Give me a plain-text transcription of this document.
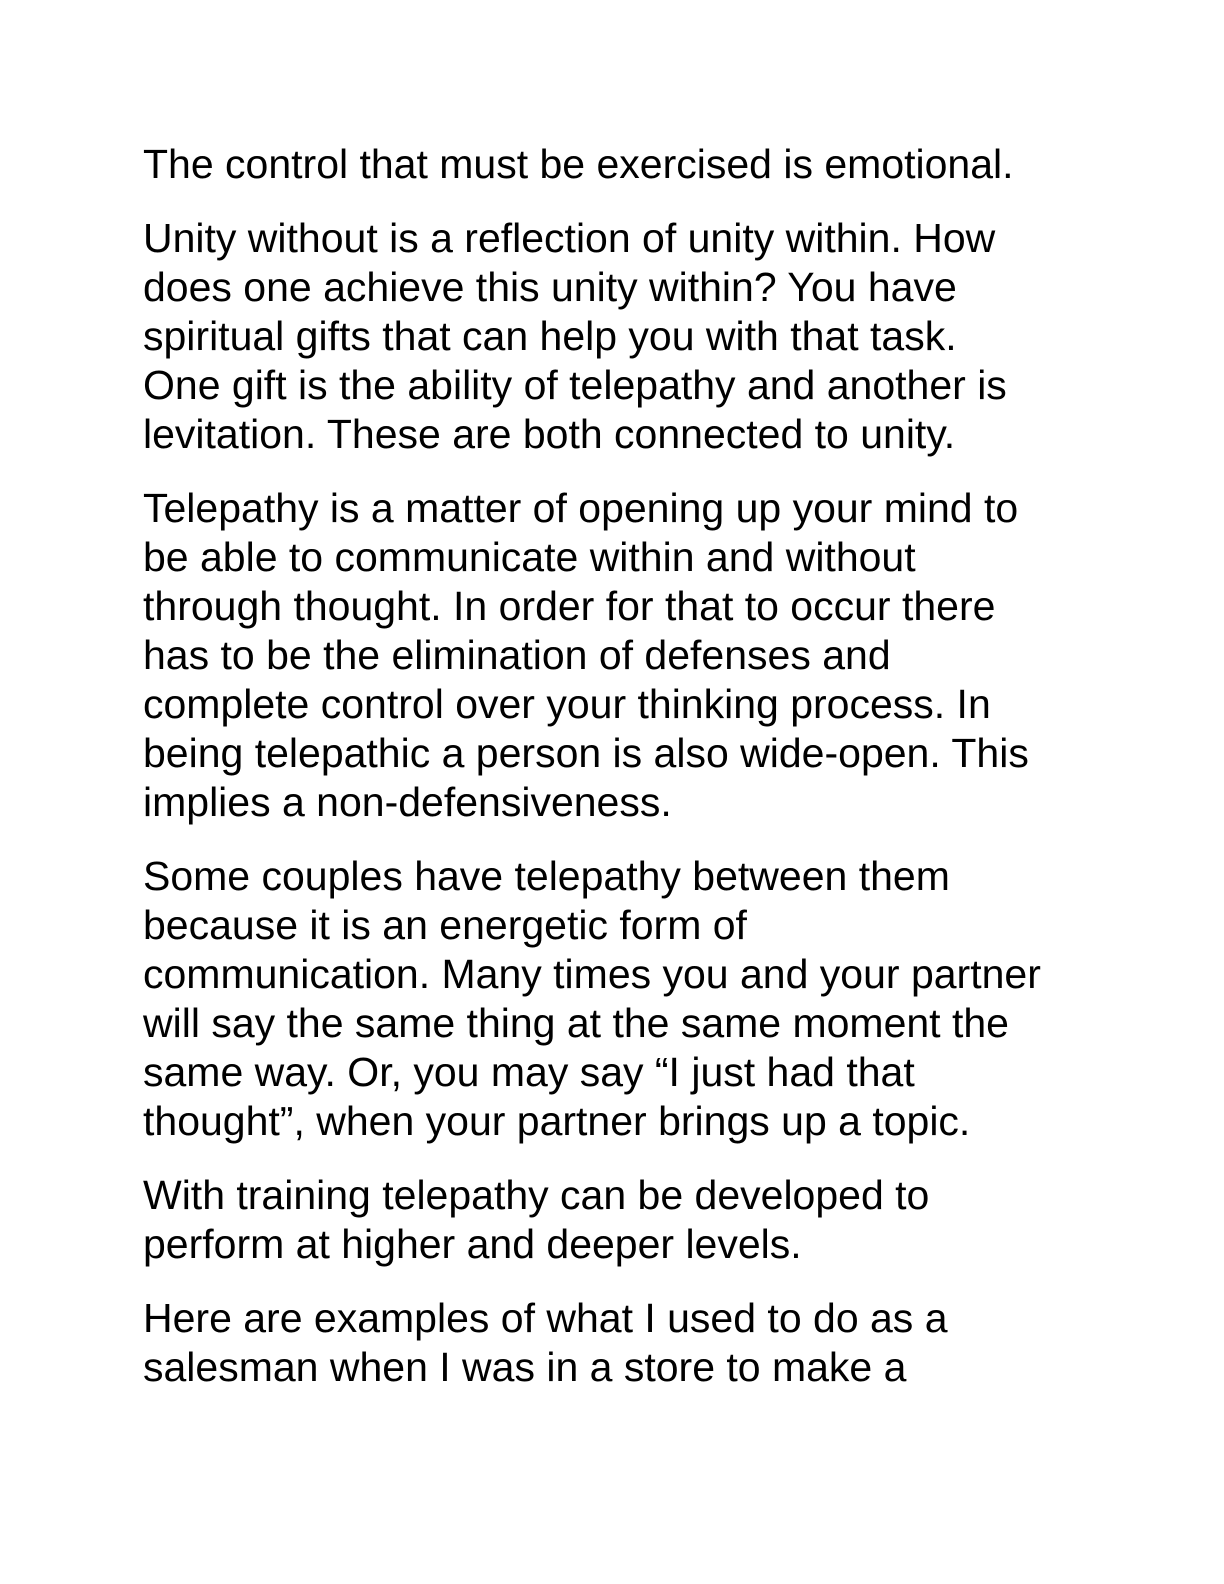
The control that must be exercised is emotional.

Unity without is a reflection of unity within. How
does one achieve this unity within? You have
spiritual gifts that can help you with that task.
One gift is the ability of telepathy and another is
levitation. These are both connected to unity.

Telepathy is a matter of opening up your mind to
be able to communicate within and without
through thought. In order for that to occur there
has to be the elimination of defenses and
complete control over your thinking process. In
being telepathic a person is also wide-open. This
implies a non-defensiveness.

Some couples have telepathy between them
because it is an energetic form of
communication. Many times you and your partner
will say the same thing at the same moment the
same way. Or, you may say “I just had that
thought”, when your partner brings up a topic.

With training telepathy can be developed to
perform at higher and deeper levels.

Here are examples of what I used to do as a
salesman when I was in a store to make a
